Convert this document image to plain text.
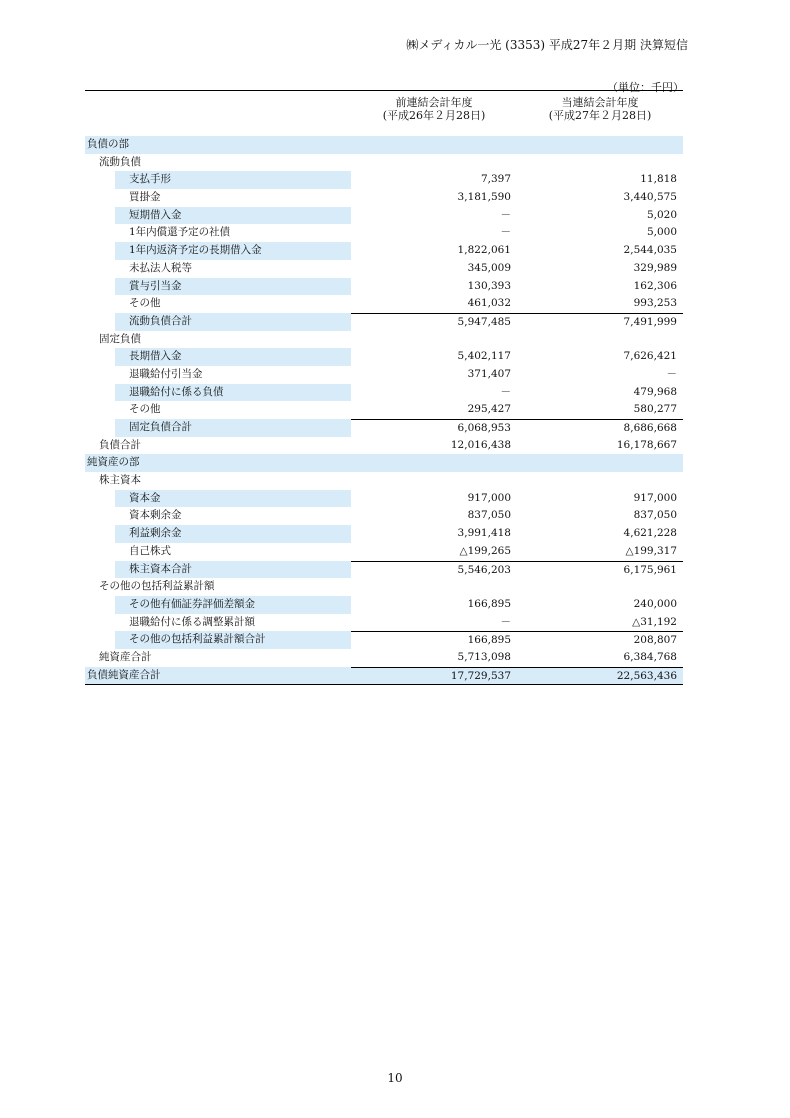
㈱メディカル一光 (3353) 平成27年２月期 決算短信
（単位：千円）
前連結会計年度
(平成26年２月28日)
当連結会計年度
(平成27年２月28日)
負債の部
流動負債
支払手形	7,397	11,818
買掛金	3,181,590	3,440,575
短期借入金	－	5,020
1年内償還予定の社債	－	5,000
1年内返済予定の長期借入金	1,822,061	2,544,035
未払法人税等	345,009	329,989
賞与引当金	130,393	162,306
その他	461,032	993,253
流動負債合計	5,947,485	7,491,999
固定負債
長期借入金	5,402,117	7,626,421
退職給付引当金	371,407	－
退職給付に係る負債	－	479,968
その他	295,427	580,277
固定負債合計	6,068,953	8,686,668
負債合計	12,016,438	16,178,667
純資産の部
株主資本
資本金	917,000	917,000
資本剰余金	837,050	837,050
利益剰余金	3,991,418	4,621,228
自己株式	△199,265	△199,317
株主資本合計	5,546,203	6,175,961
その他の包括利益累計額
その他有価証券評価差額金	166,895	240,000
退職給付に係る調整累計額	－	△31,192
その他の包括利益累計額合計	166,895	208,807
純資産合計	5,713,098	6,384,768
負債純資産合計	17,729,537	22,563,436
10
